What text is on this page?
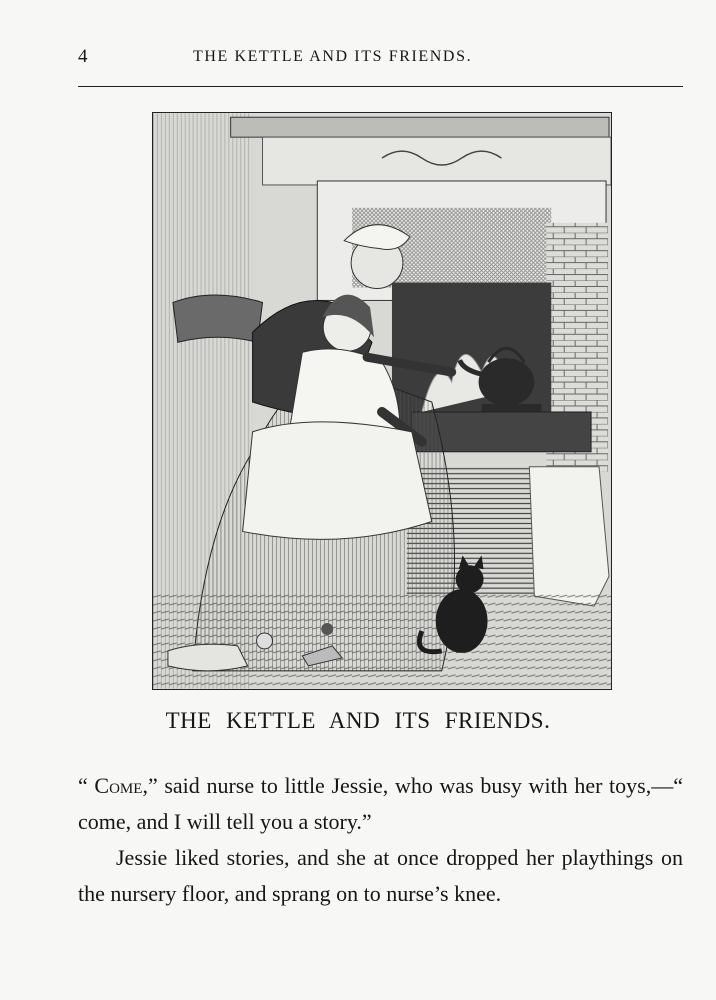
4	THE KETTLE AND ITS FRIENDS.
THE KETTLE AND ITS FRIENDS.

“ Come,” said nurse to little Jessie, who was busy with her toys,—“ come, and I will tell you a story.”

Jessie liked stories, and she at once dropped her playthings on the nursery floor, and sprang on to nurse’s knee.
